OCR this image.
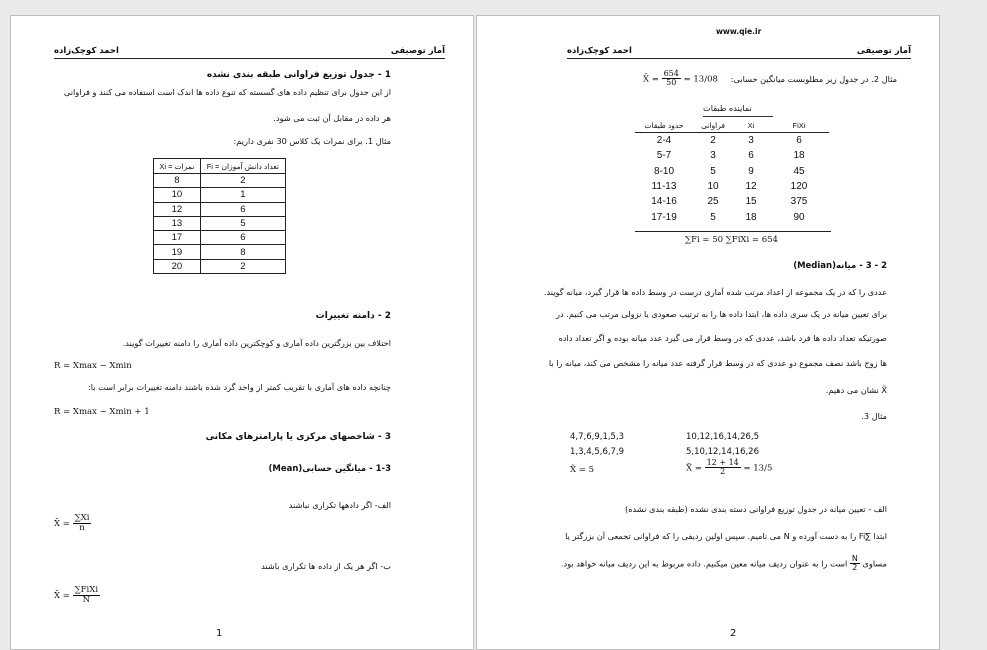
آمار توصیفی
احمد کوچک‌زاده
1 - جدول توزیع فراوانی طبقه بندی نشده
از این جدول برای تنظیم داده های گسسته که تنوع داده ها اندک است استفاده می کنند و فراوانی
هر داده در مقابل آن ثبت می شود.
مثال 1. برای نمرات یک کلاس 30 نفری داریم:
Xi = نمرات	Fi = تعداد دانش آموزان
8	2
10	1
12	6
13	5
17	6
19	8
20	2
2 - دامنه تغییرات
اختلاف بین بزرگترین داده آماری و کوچکترین داده آماری را دامنه تغییرات گویند.
R = Xmax − Xmin
چنانچه داده های آماری با تقریب کمتر از واحد گرد شده باشند دامنه تغییرات برابر است با:
R = Xmax − Xmin + 1
3 - شاخصهای مرکزی یا پارامترهای مکانی
1-3 - میانگین حسابی(Mean)
الف- اگر دادهها تکراری نباشند
X̄ = $\frac{\sum Xi}{n}$
ب- اگر هر یک از داده ها تکراری باشند
X̄ = $\frac{\text{∑FiXi}}{N}$
1
www.qie.ir
آمار توصیفی
احمد کوچک‌زاده
مثال 2. در جدول زیر مطلوبست میانگین حسابی:
X̄ = $\frac{654}{50} = 13/08$
نماینده طبقات
حدود طبقات	فراوانی	Xi	FiXi
2-4	2	3	6
5-7	3	6	18
8-10	5	9	45
11-13	10	12	120
14-16	25	15	375
17-19	5	18	90
∑Fi = 50 ∑FiXi = 654
2 - 3 - میانه(Median)
عددی را که در یک مجموعه از اعداد مرتب شده آماری درست در وسط داده ها قرار گیرد، میانه گویند.
برای تعیین میانه در یک سری داده ها، ابتدا داده ها را به ترتیب صعودی یا نزولی مرتب می کنیم. در
صورتیکه تعداد داده ها فرد باشد، عددی که در وسط قرار می گیرد عدد میانه بوده و اگر تعداد داده
ها زوج باشد نصف مجموع دو عددی که در وسط قرار گرفته عدد میانه را مشخص می کند، میانه را با
X̃ نشان می دهیم.
مثال 3.
4,7,6,9,1,5,3
1,3,4,5,6,7,9
X̃ = 5
10,12,16,14,26,5
5,10,12,14,16,26
X̃ = $\frac{12 + 14}{2} = 13/5$
الف - تعیین میانه در جدول توزیع فراوانی دسته بندی نشده (طبقه بندی نشده)
ابتدا ∑Fi را به دست آورده و N می نامیم. سپس اولین ردیفی را که فراوانی تجمعی آن بزرگتر یا
مساوی
$\frac{N}{2}$
است را به عنوان ردیف میانه معین میکنیم. داده مربوط به این ردیف میانه خواهد بود.
2
